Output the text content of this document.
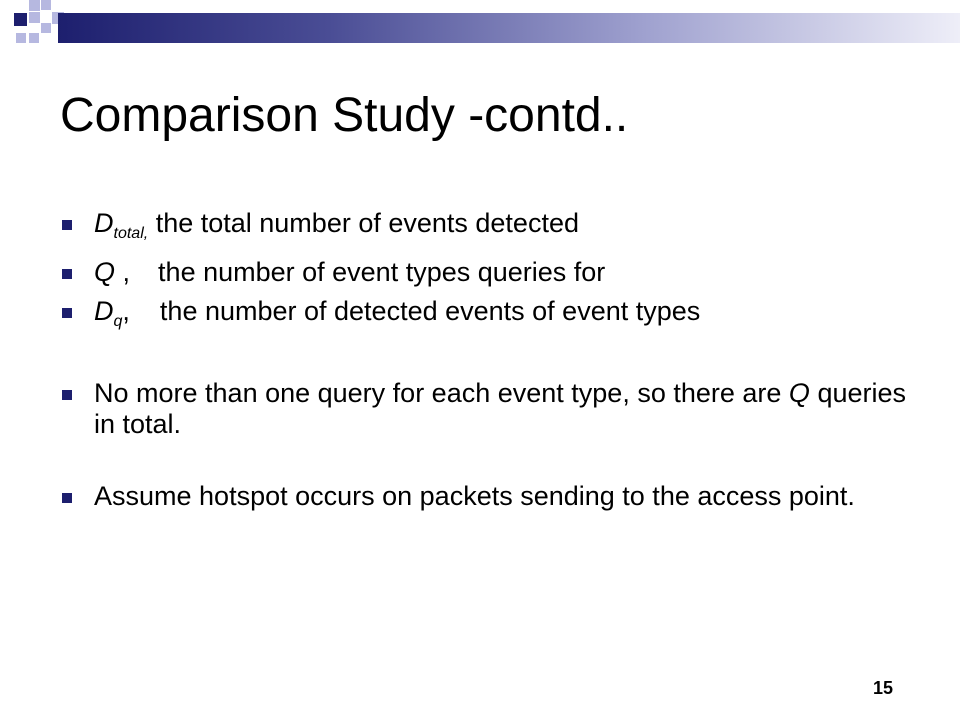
Comparison Study -contd..
$D_{total,}$ the total number of events detected
Q , the number of event types queries for
$D_q$, the number of detected events of event types
No more than one query for each event type, so there are Q queries in total.
Assume hotspot occurs on packets sending to the access point.
15
